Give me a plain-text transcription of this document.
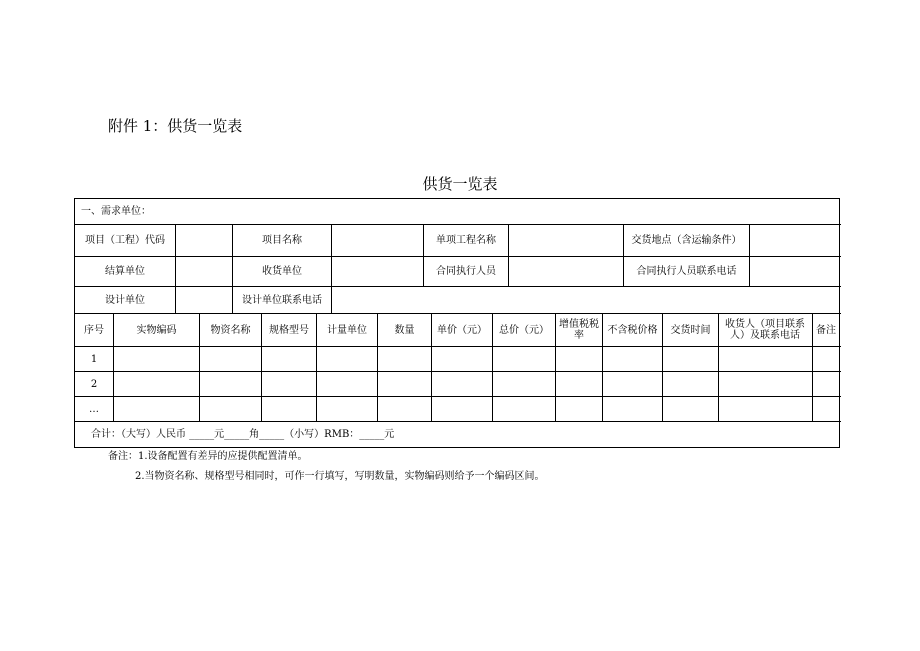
附件 1：供货一览表
供货一览表
一、需求单位：
项目（工程）代码	项目名称	单项工程名称	交货地点（含运输条件）
结算单位	收货单位	合同执行人员	合同执行人员联系电话
设计单位	设计单位联系电话
序号	实物编码	物资名称	规格型号	计量单位	数量	单价（元）	总价（元）	增值税税率	不含税价格	交货时间	收货人（项目联系人）及联系电话	备注
1
2
…
合计：（大写）人民币 _____元_____角_____（小写）RMB：_____元
备注：1.设备配置有差异的应提供配置清单。
2.当物资名称、规格型号相同时，可作一行填写，写明数量，实物编码则给予一个编码区间。
